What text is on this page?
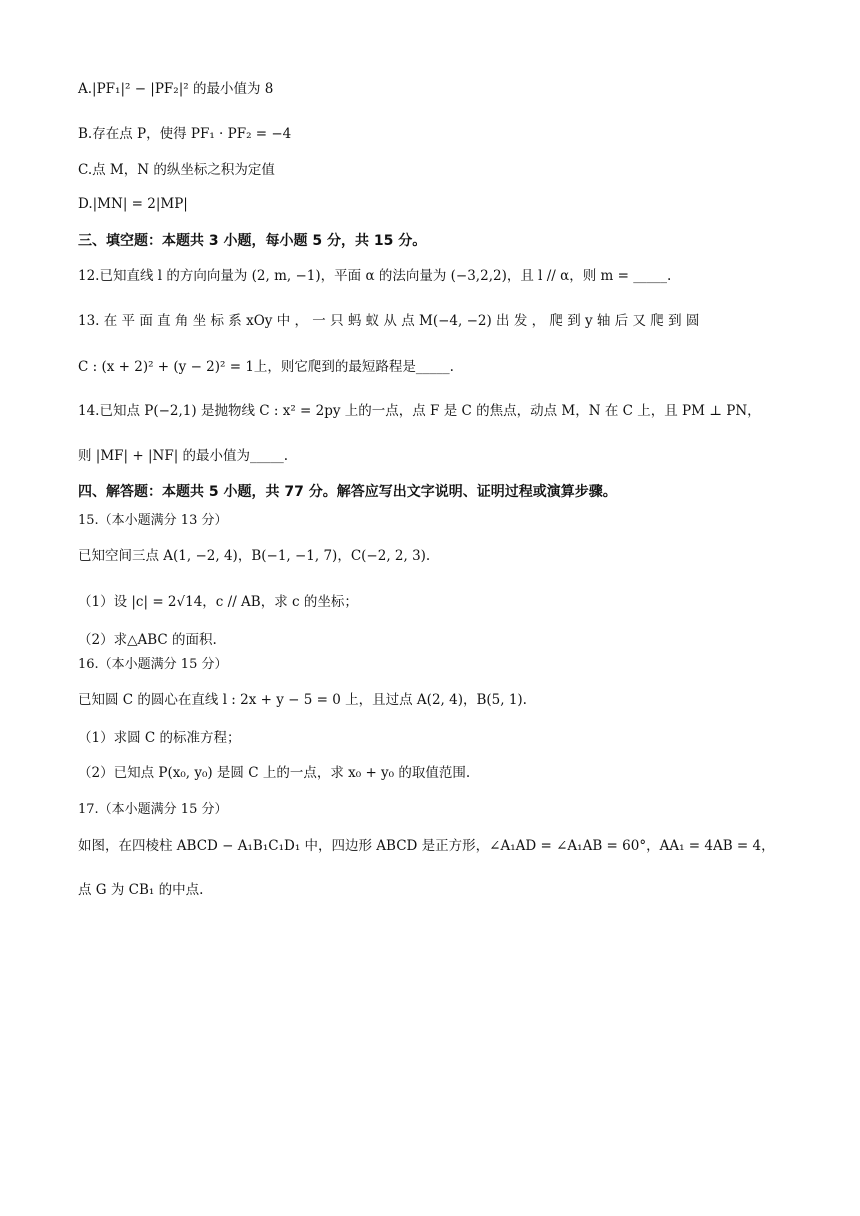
A.|PF₁|² − |PF₂|² 的最小值为 8
B.存在点 P，使得 PF₁ · PF₂ = −4
C.点 M，N 的纵坐标之积为定值
D.|MN| = 2|MP|
三、填空题：本题共 3 小题，每小题 5 分，共 15 分。
12.已知直线 l 的方向向量为 (2, m, −1)，平面 α 的法向量为 (−3,2,2)，且 l // α，则 m = _____.
13. 在 平 面 直 角 坐 标 系 xOy 中 ， 一 只 蚂 蚁 从 点 M(−4, −2) 出 发 ， 爬 到 y 轴 后 又 爬 到 圆
C : (x + 2)² + (y − 2)² = 1上，则它爬到的最短路程是_____.
14.已知点 P(−2,1) 是抛物线 C : x² = 2py 上的一点，点 F 是 C 的焦点，动点 M，N 在 C 上，且 PM ⊥ PN，
则 |MF| + |NF| 的最小值为_____.
四、解答题：本题共 5 小题，共 77 分。解答应写出文字说明、证明过程或演算步骤。
15.（本小题满分 13 分）
已知空间三点 A(1, −2, 4)，B(−1, −1, 7)，C(−2, 2, 3).
（1）设 |c| = 2√14，c // AB，求 c 的坐标；
（2）求△ABC 的面积.
16.（本小题满分 15 分）
已知圆 C 的圆心在直线 l : 2x + y − 5 = 0 上，且过点 A(2, 4)，B(5, 1).
（1）求圆 C 的标准方程；
（2）已知点 P(x₀, y₀) 是圆 C 上的一点，求 x₀ + y₀ 的取值范围.
17.（本小题满分 15 分）
如图，在四棱柱 ABCD − A₁B₁C₁D₁ 中，四边形 ABCD 是正方形，∠A₁AD = ∠A₁AB = 60°，AA₁ = 4AB = 4，
点 G 为 CB₁ 的中点.
